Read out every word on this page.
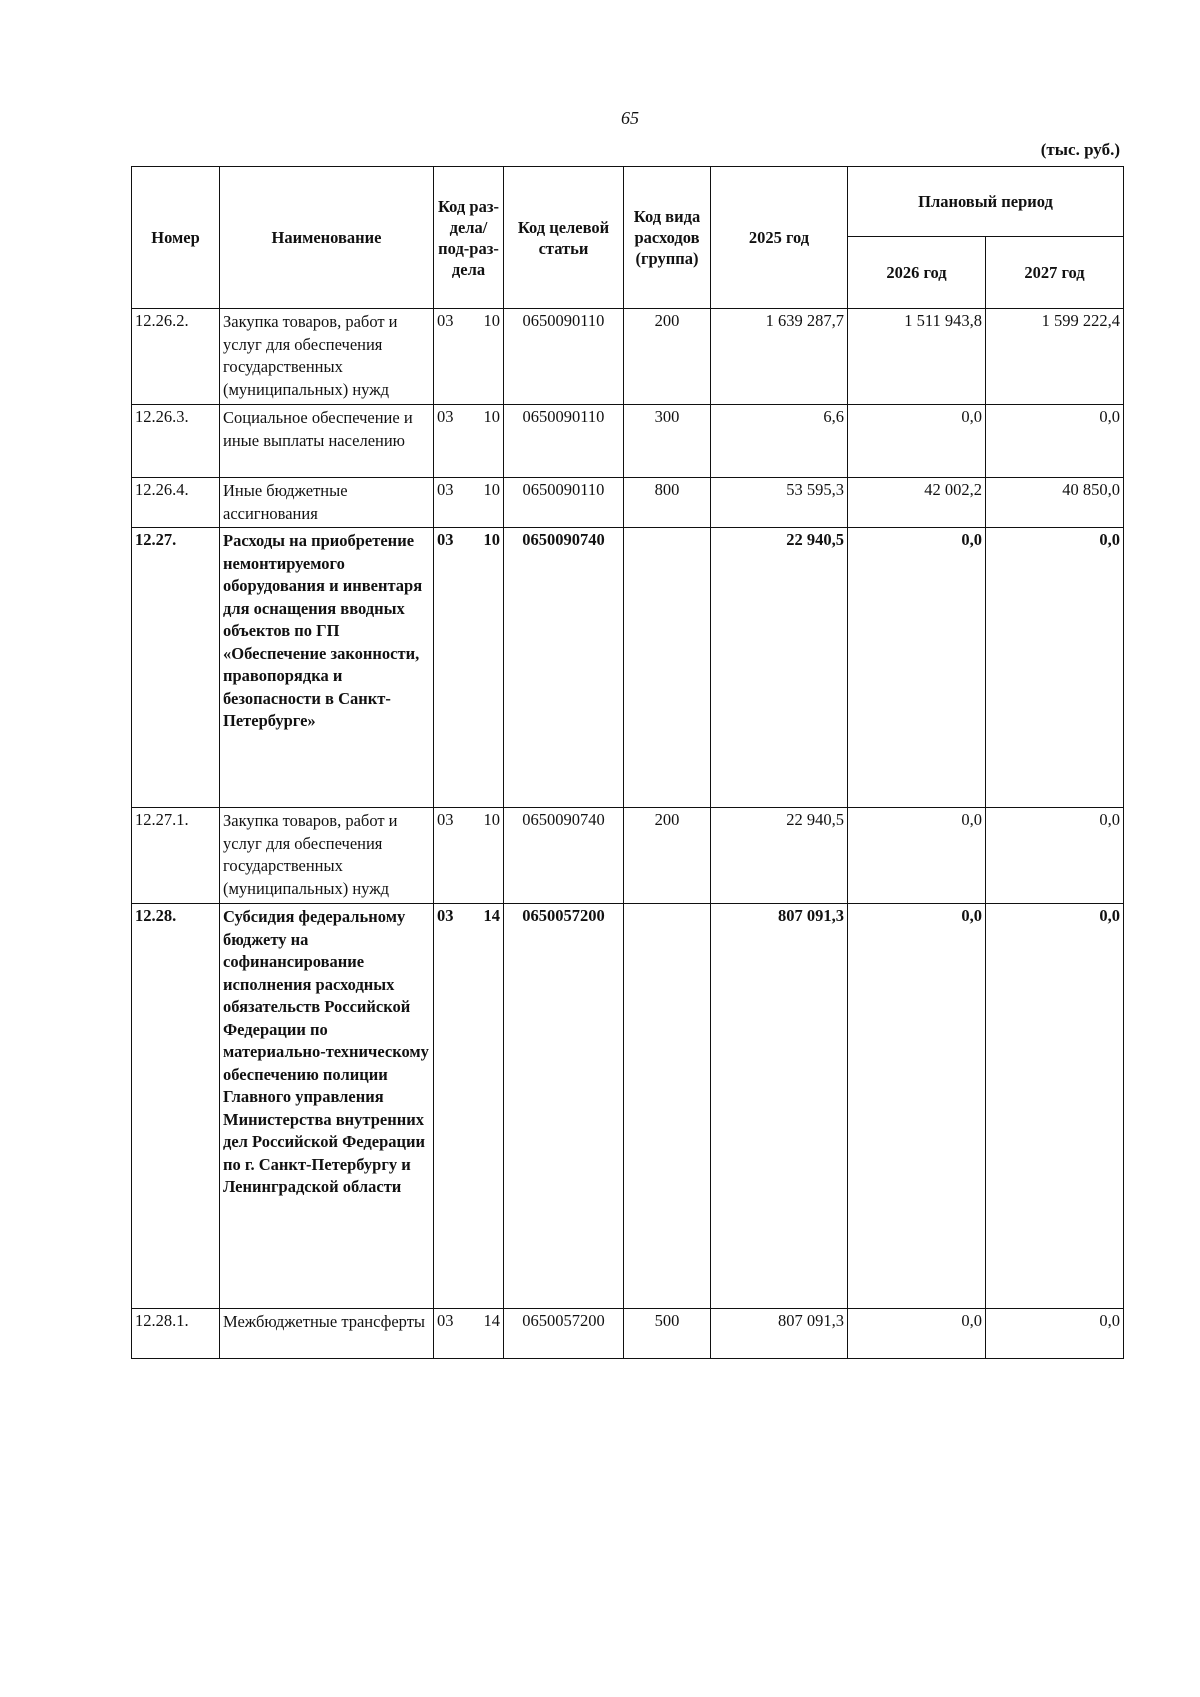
65
(тыс. руб.)
Номер	Наименование	Код раз-дела/ под-раз-дела	Код целевой статьи	Код вида расходов (группа)	2025 год	Плановый период	
						2026 год	2027 год
12.26.2.	Закупка товаров, работ и услуг для обеспечения государственных (муниципальных) нужд	03 10	0650090110	200	1 639 287,7	1 511 943,8	1 599 222,4
12.26.3.	Социальное обеспечение и иные выплаты населению	03 10	0650090110	300	6,6	0,0	0,0
12.26.4.	Иные бюджетные ассигнования	03 10	0650090110	800	53 595,3	42 002,2	40 850,0
12.27.	Расходы на приобретение немонтируемого оборудования и инвентаря для оснащения вводных объектов по ГП «Обеспечение законности, правопорядка и безопасности в Санкт-Петербурге»	03 10	0650090740		22 940,5	0,0	0,0
12.27.1.	Закупка товаров, работ и услуг для обеспечения государственных (муниципальных) нужд	03 10	0650090740	200	22 940,5	0,0	0,0
12.28.	Субсидия федеральному бюджету на софинансирование исполнения расходных обязательств Российской Федерации по материально-техническому обеспечению полиции Главного управления Министерства внутренних дел Российской Федерации по г. Санкт-Петербургу и Ленинградской области	03 14	0650057200		807 091,3	0,0	0,0
12.28.1.	Межбюджетные трансферты	03 14	0650057200	500	807 091,3	0,0	0,0
